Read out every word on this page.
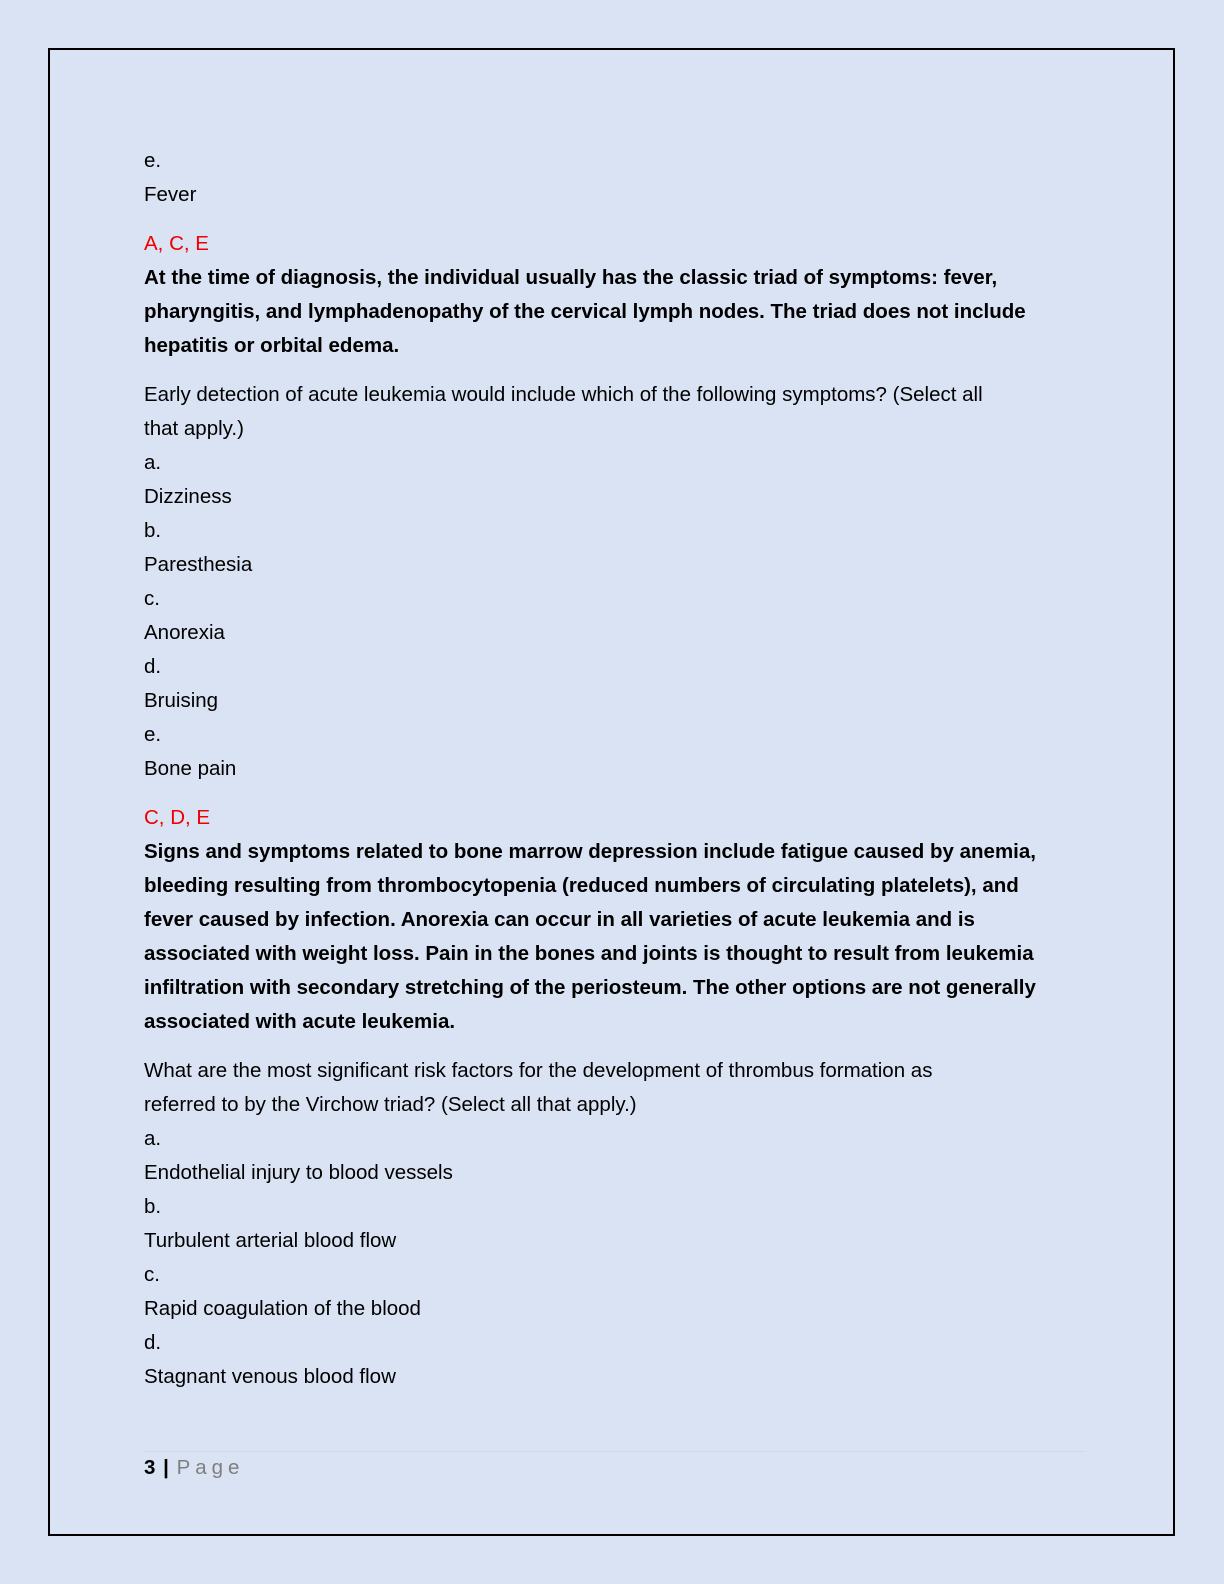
e.

Fever

A, C, E

At the time of diagnosis, the individual usually has the classic triad of symptoms: fever,

pharyngitis, and lymphadenopathy of the cervical lymph nodes. The triad does not include

hepatitis or orbital edema.

Early detection of acute leukemia would include which of the following symptoms? (Select all

that apply.)

a.

Dizziness

b.

Paresthesia

c.

Anorexia

d.

Bruising

e.

Bone pain

C, D, E

Signs and symptoms related to bone marrow depression include fatigue caused by anemia,

bleeding resulting from thrombocytopenia (reduced numbers of circulating platelets), and

fever caused by infection. Anorexia can occur in all varieties of acute leukemia and is

associated with weight loss. Pain in the bones and joints is thought to result from leukemia

infiltration with secondary stretching of the periosteum. The other options are not generally

associated with acute leukemia.

What are the most significant risk factors for the development of thrombus formation as

referred to by the Virchow triad? (Select all that apply.)

a.

Endothelial injury to blood vessels

b.

Turbulent arterial blood flow

c.

Rapid coagulation of the blood

d.

Stagnant venous blood flow

3 | Page
